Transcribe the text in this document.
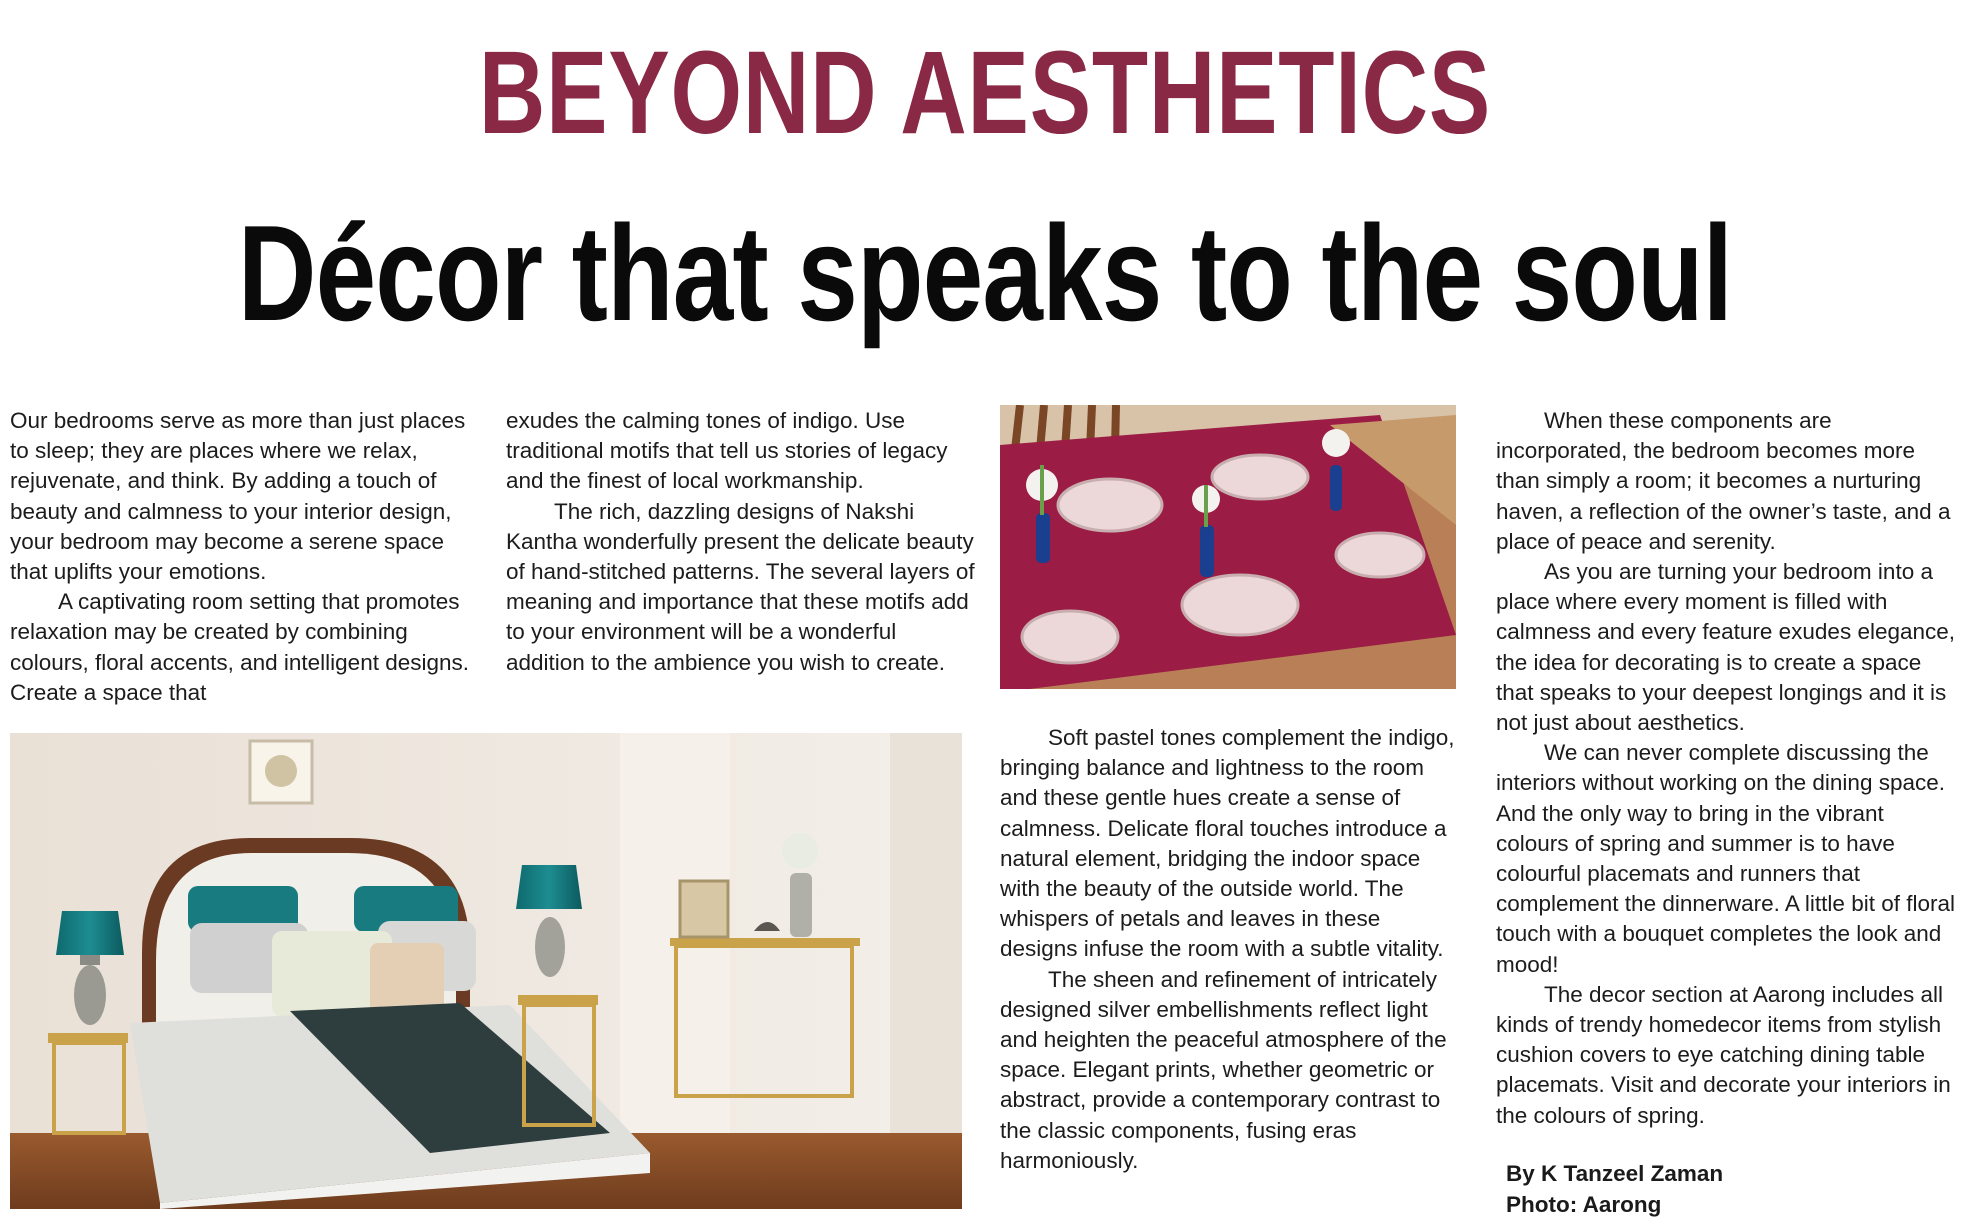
BEYOND AESTHETICS
Décor that speaks to the soul

Our bedrooms serve as more than just places to sleep; they are places where we relax, rejuvenate, and think. By adding a touch of beauty and calmness to your interior design, your bedroom may become a serene space that uplifts your emotions.

A captivating room setting that promotes relaxation may be created by combining colours, floral accents, and intelligent designs. Create a space that

exudes the calming tones of indigo. Use traditional motifs that tell us stories of legacy and the finest of local workmanship.

The rich, dazzling designs of Nakshi Kantha wonderfully present the delicate beauty of hand-stitched patterns. The several layers of meaning and importance that these motifs add to your environment will be a wonderful addition to the ambience you wish to create.

Soft pastel tones complement the indigo, bringing balance and lightness to the room and these gentle hues create a sense of calmness. Delicate floral touches introduce a natural element, bridging the indoor space with the beauty of the outside world. The whispers of petals and leaves in these designs infuse the room with a subtle vitality.

The sheen and refinement of intricately designed silver embellishments reflect light and heighten the peaceful atmosphere of the space. Elegant prints, whether geometric or abstract, provide a contemporary contrast to the classic components, fusing eras harmoniously.

When these components are incorporated, the bedroom becomes more than simply a room; it becomes a nurturing haven, a reflection of the owner’s taste, and a place of peace and serenity.

As you are turning your bedroom into a place where every moment is filled with calmness and every feature exudes elegance, the idea for decorating is to create a space that speaks to your deepest longings and it is not just about aesthetics.

We can never complete discussing the interiors without working on the dining space. And the only way to bring in the vibrant colours of spring and summer is to have colourful placemats and runners that complement the dinnerware. A little bit of floral touch with a bouquet completes the look and mood!

The decor section at Aarong includes all kinds of trendy homedecor items from stylish cushion covers to eye catching dining table placemats. Visit and decorate your interiors in the colours of spring.

By K Tanzeel Zaman
Photo: Aarong
